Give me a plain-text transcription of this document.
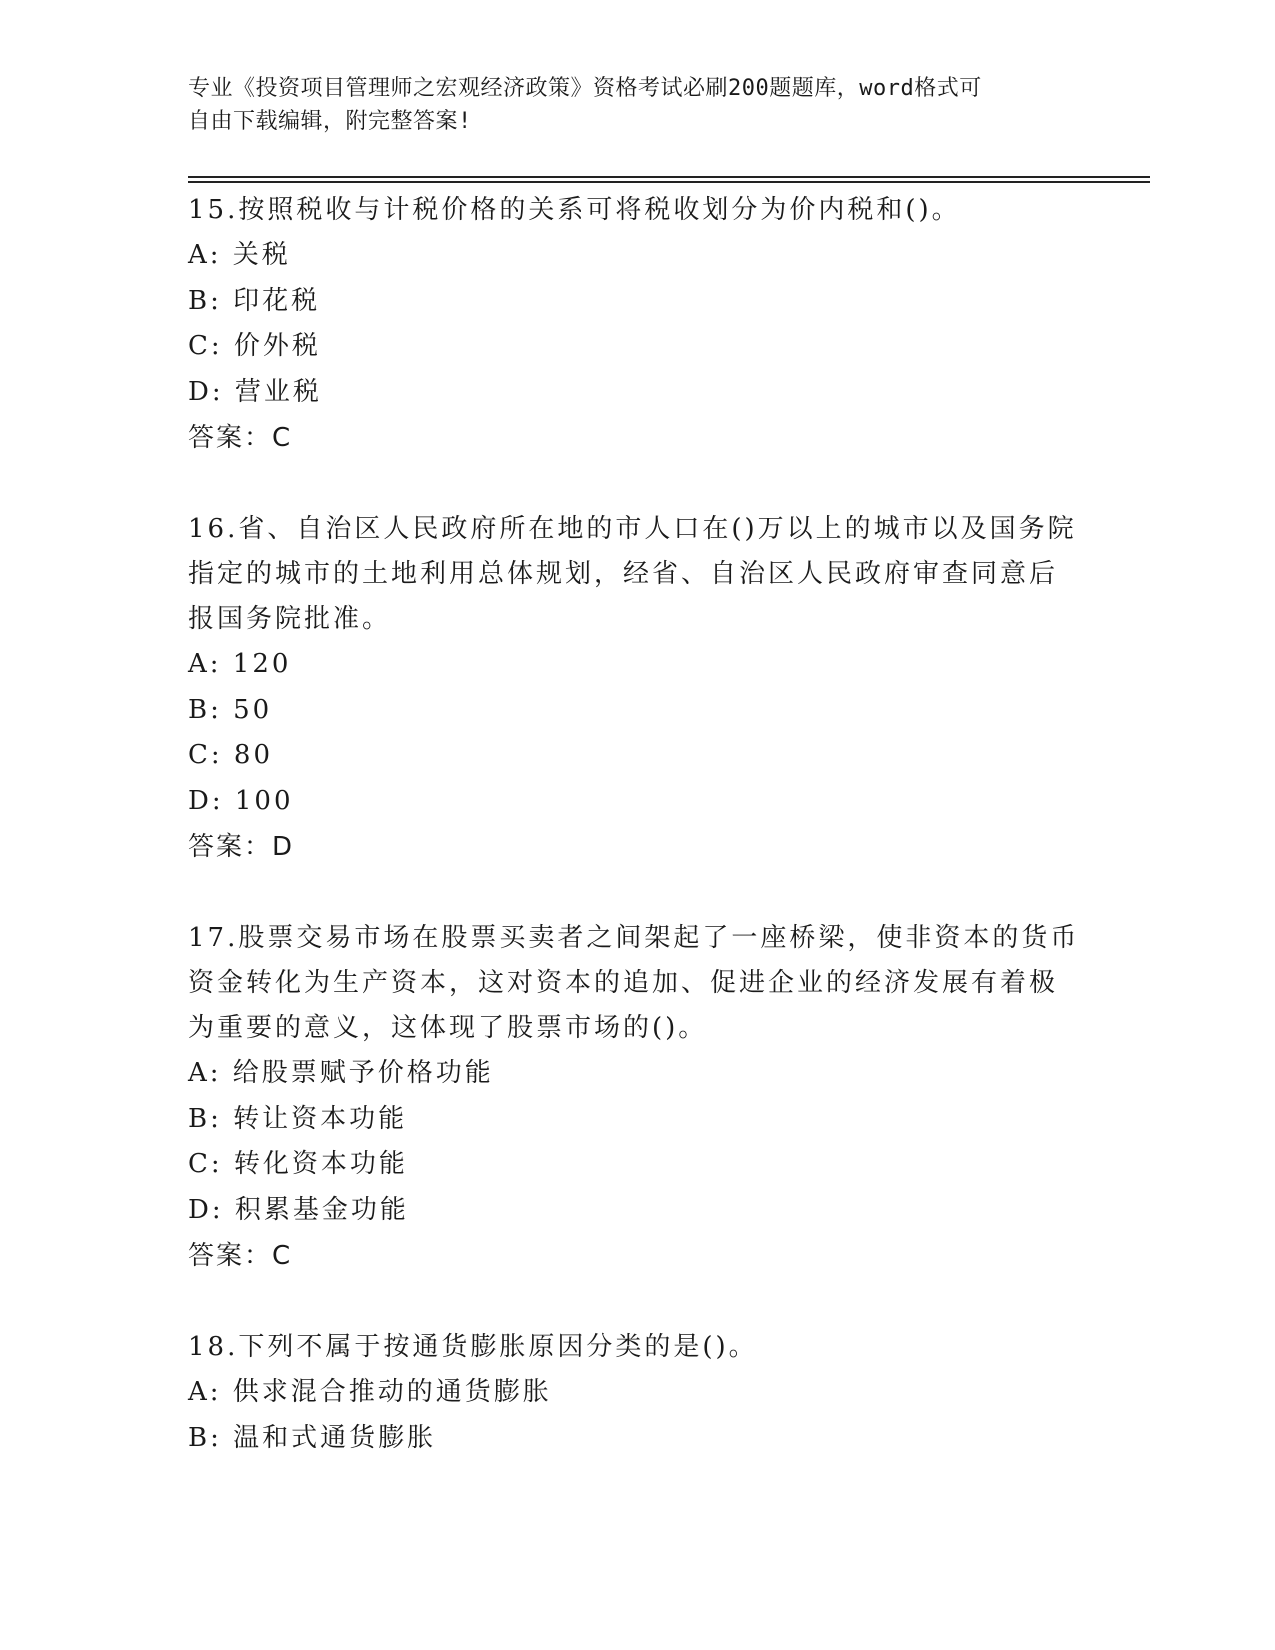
专业《投资项目管理师之宏观经济政策》资格考试必刷200题题库，word格式可
自由下载编辑，附完整答案!
15.按照税收与计税价格的关系可将税收划分为价内税和()。
A: 关税
B: 印花税
C: 价外税
D: 营业税
答案：C
16.省、自治区人民政府所在地的市人口在()万以上的城市以及国务院
指定的城市的土地利用总体规划，经省、自治区人民政府审查同意后
报国务院批准。
A: 120
B: 50
C: 80
D: 100
答案：D
17.股票交易市场在股票买卖者之间架起了一座桥梁，使非资本的货币
资金转化为生产资本，这对资本的追加、促进企业的经济发展有着极
为重要的意义，这体现了股票市场的()。
A: 给股票赋予价格功能
B: 转让资本功能
C: 转化资本功能
D: 积累基金功能
答案：C
18.下列不属于按通货膨胀原因分类的是()。
A: 供求混合推动的通货膨胀
B: 温和式通货膨胀
